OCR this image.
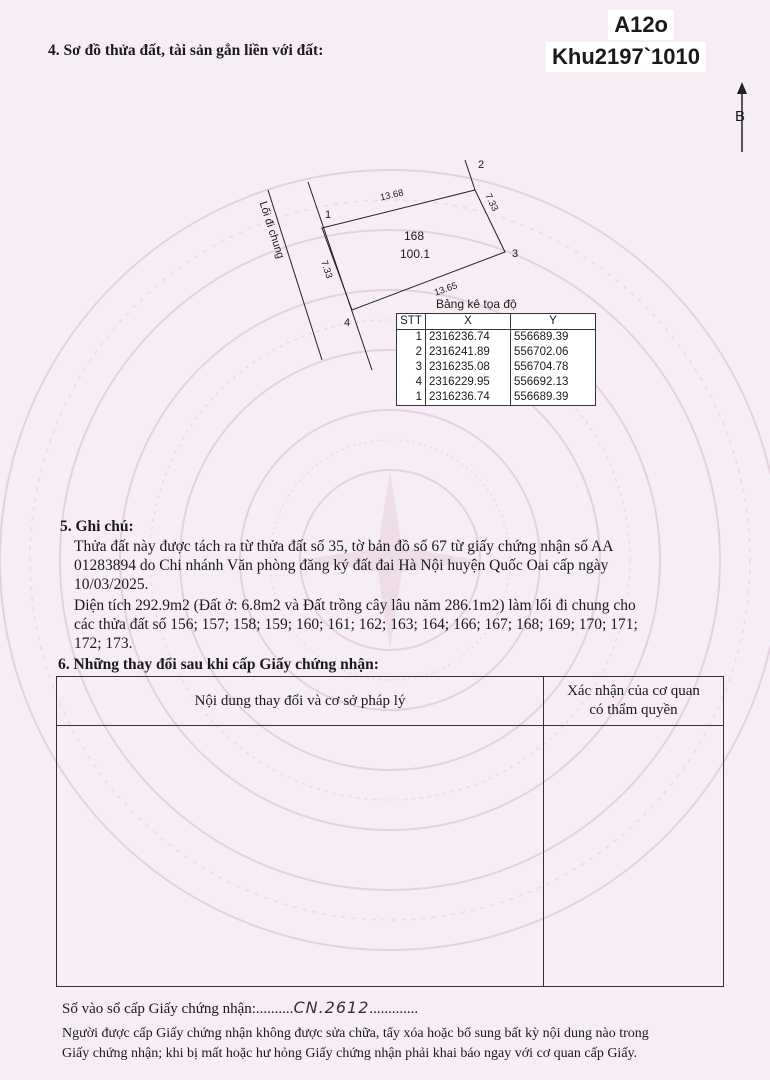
A12o
Khu2197`1010
4. Sơ đồ thửa đất, tài sản gắn liền với đất:
B
1
2
3
4
13.68	7.33
13.65
7.33
168
100.1
Lối đi chung
Bảng kê tọa độ
STT	X	Y
1	2316236.74	556689.39
2	2316241.89	556702.06
3	2316235.08	556704.78
4	2316229.95	556692.13
1	2316236.74	556689.39
5. Ghi chú:
Thửa đất này được tách ra từ thửa đất số 35, tờ bản đồ số 67 từ giấy chứng nhận số AA
01283894 do Chi nhánh Văn phòng đăng ký đất đai Hà Nội huyện Quốc Oai cấp ngày
10/03/2025.
Diện tích 292.9m2 (Đất ở: 6.8m2 và Đất trồng cây lâu năm 286.1m2) làm lối đi chung cho
các thửa đất số 156; 157; 158; 159; 160; 161; 162; 163; 164; 166; 167; 168; 169; 170; 171;
172; 173.
6. Những thay đổi sau khi cấp Giấy chứng nhận:
Nội dung thay đổi và cơ sở pháp lý	Xác nhận của cơ quan
có thẩm quyền

Số vào sổ cấp Giấy chứng nhận:..........CN.2612.............
Người được cấp Giấy chứng nhận không được sửa chữa, tẩy xóa hoặc bổ sung bất kỳ nội dung nào trong
Giấy chứng nhận; khi bị mất hoặc hư hỏng Giấy chứng nhận phải khai báo ngay với cơ quan cấp Giấy.
